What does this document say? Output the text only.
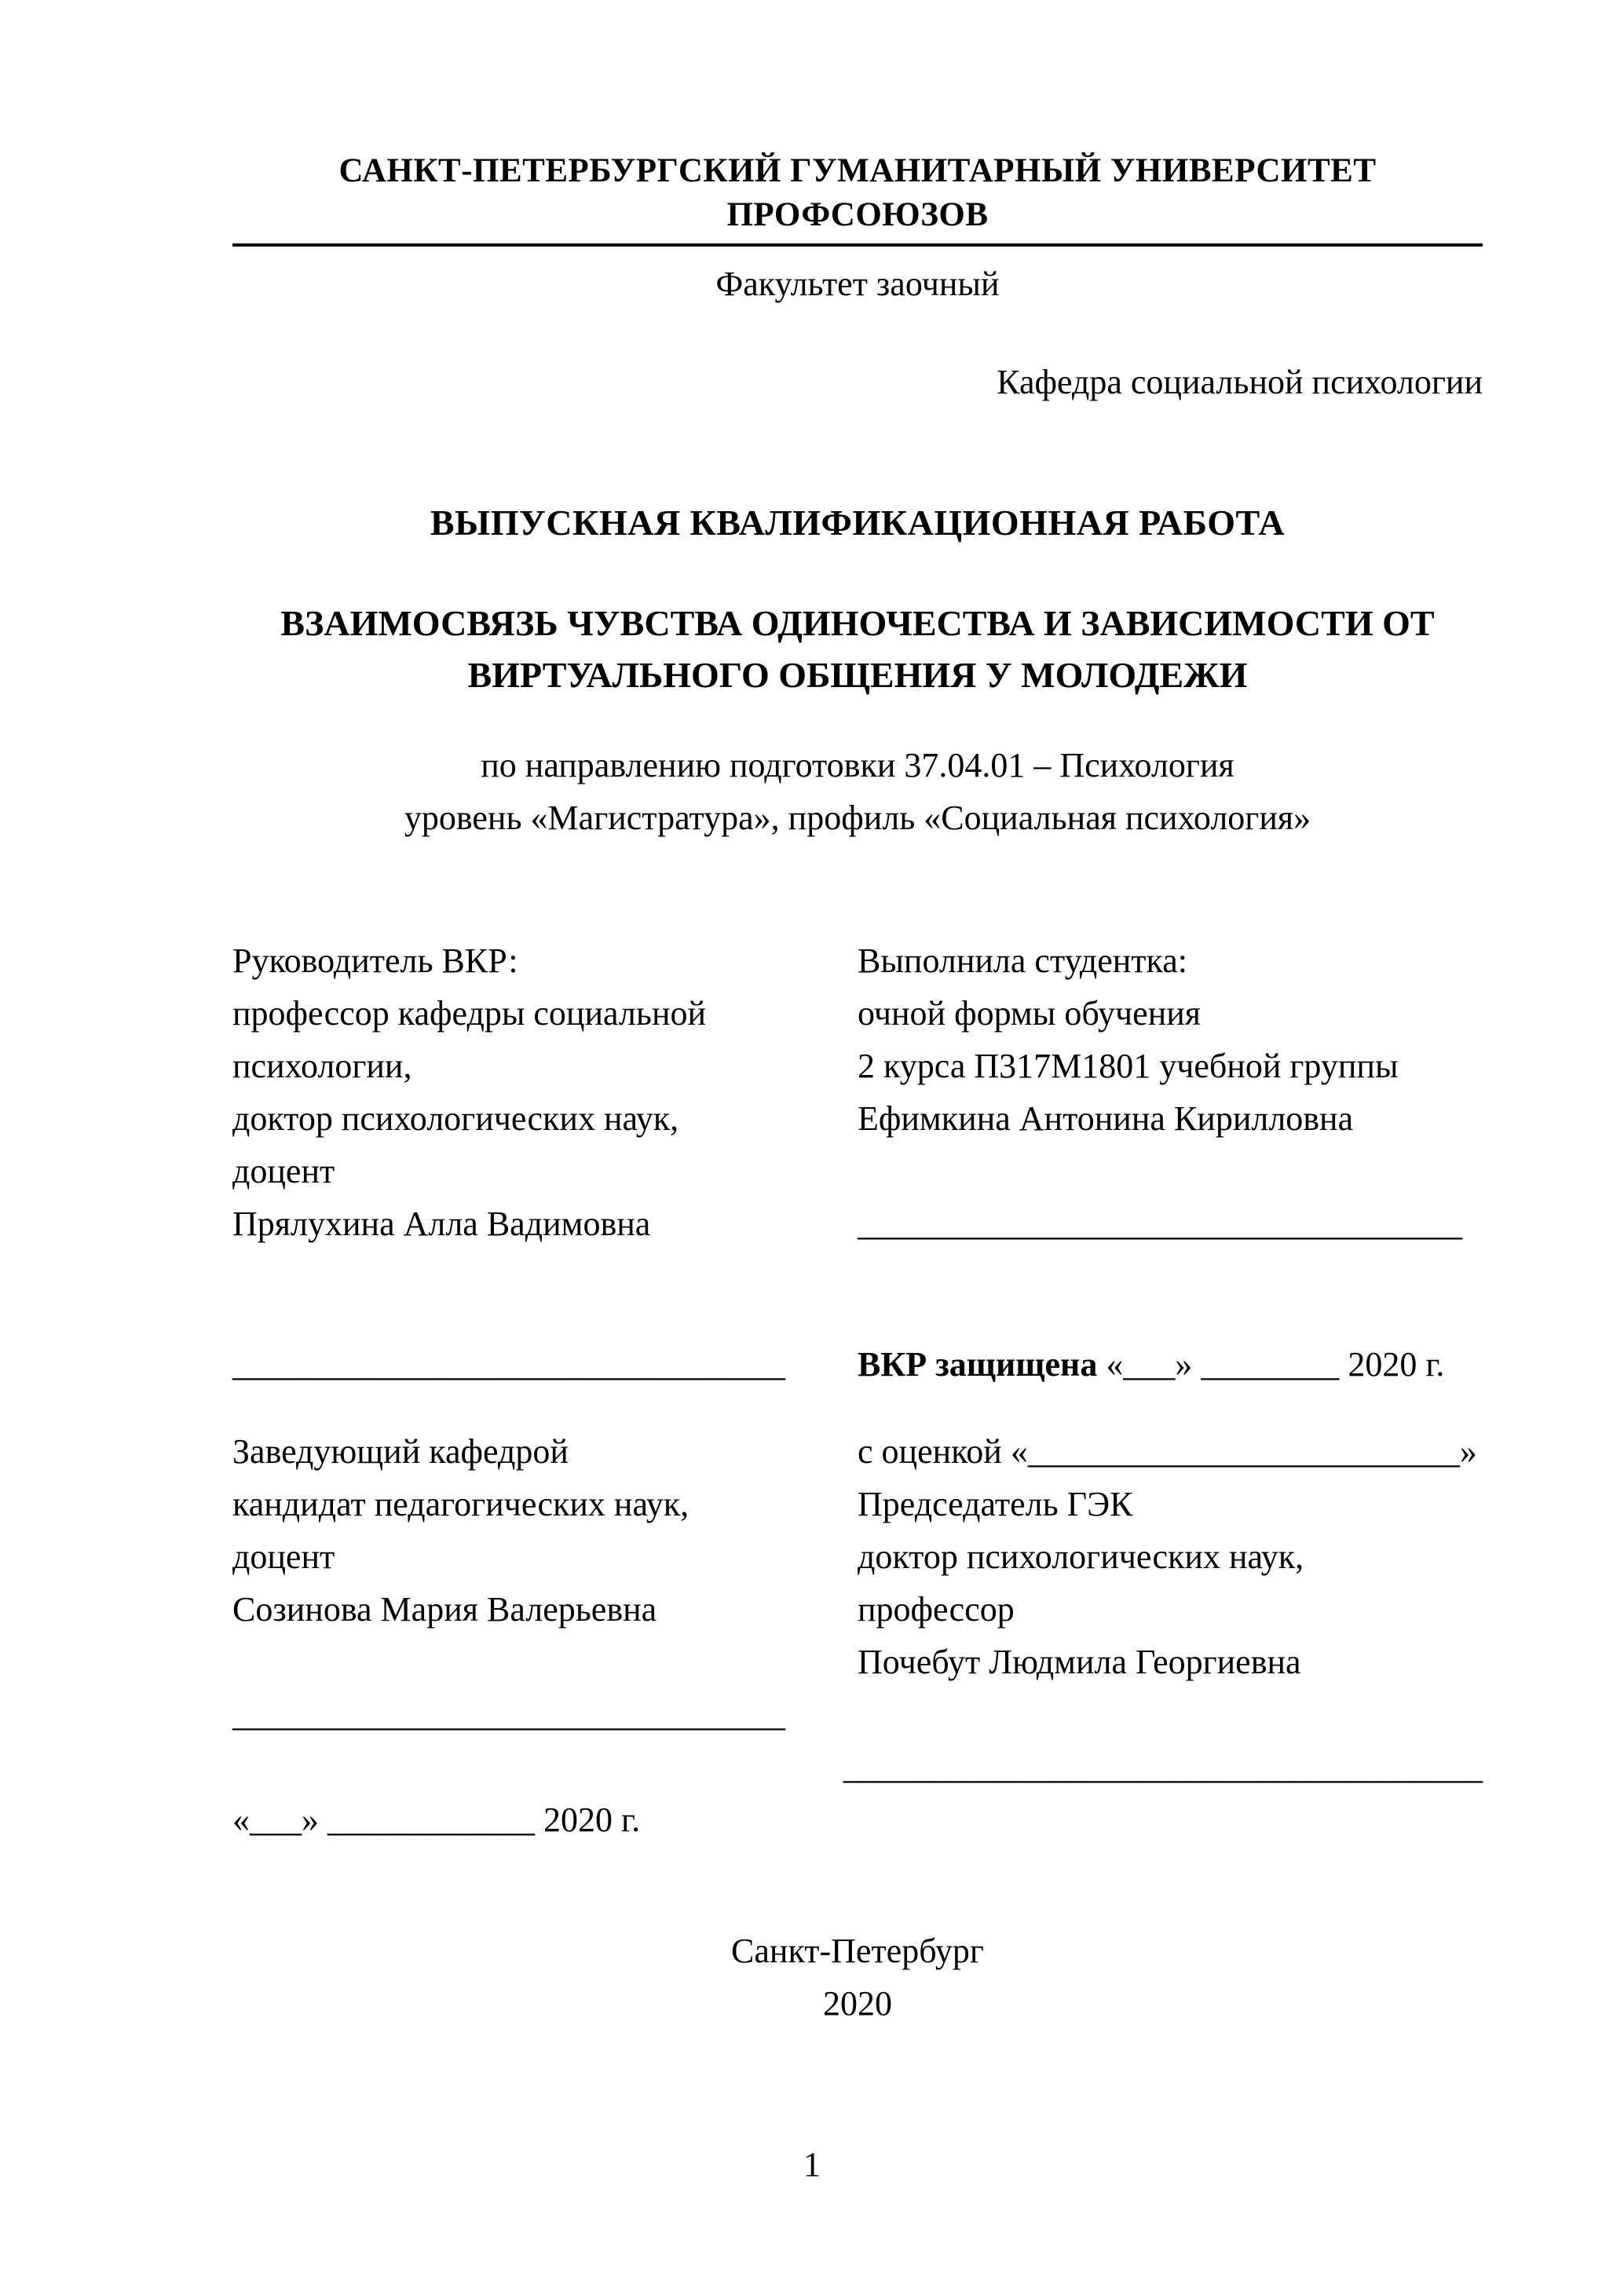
САНКТ-ПЕТЕРБУРГСКИЙ ГУМАНИТАРНЫЙ УНИВЕРСИТЕТ ПРОФСОЮЗОВ
Факультет заочный
Кафедра социальной психологии
ВЫПУСКНАЯ КВАЛИФИКАЦИОННАЯ РАБОТА
ВЗАИМОСВЯЗЬ ЧУВСТВА ОДИНОЧЕСТВА И ЗАВИСИМОСТИ ОТ
ВИРТУАЛЬНОГО ОБЩЕНИЯ У МОЛОДЕЖИ
по направлению подготовки 37.04.01 – Психология
уровень «Магистратура», профиль «Социальная психология»
Руководитель ВКР:
профессор кафедры социальной
психологии,
доктор психологических наук,
доцент
Прялухина Алла Вадимовна
Выполнила студентка:
очной формы обучения
2 курса П317М1801 учебной группы
Ефимкина Антонина Кирилловна

___________________________________
________________________________	ВКР защищена «___» ________ 2020 г.
Заведующий кафедрой
кандидат педагогических наук,
доцент
Созинова Мария Валерьевна
с оценкой «_________________________»
Председатель ГЭК
доктор психологических наук,
профессор
Почебут Людмила Георгиевна
________________________________

«___» ____________ 2020 г.

_____________________________________
Санкт-Петербург
2020
1
